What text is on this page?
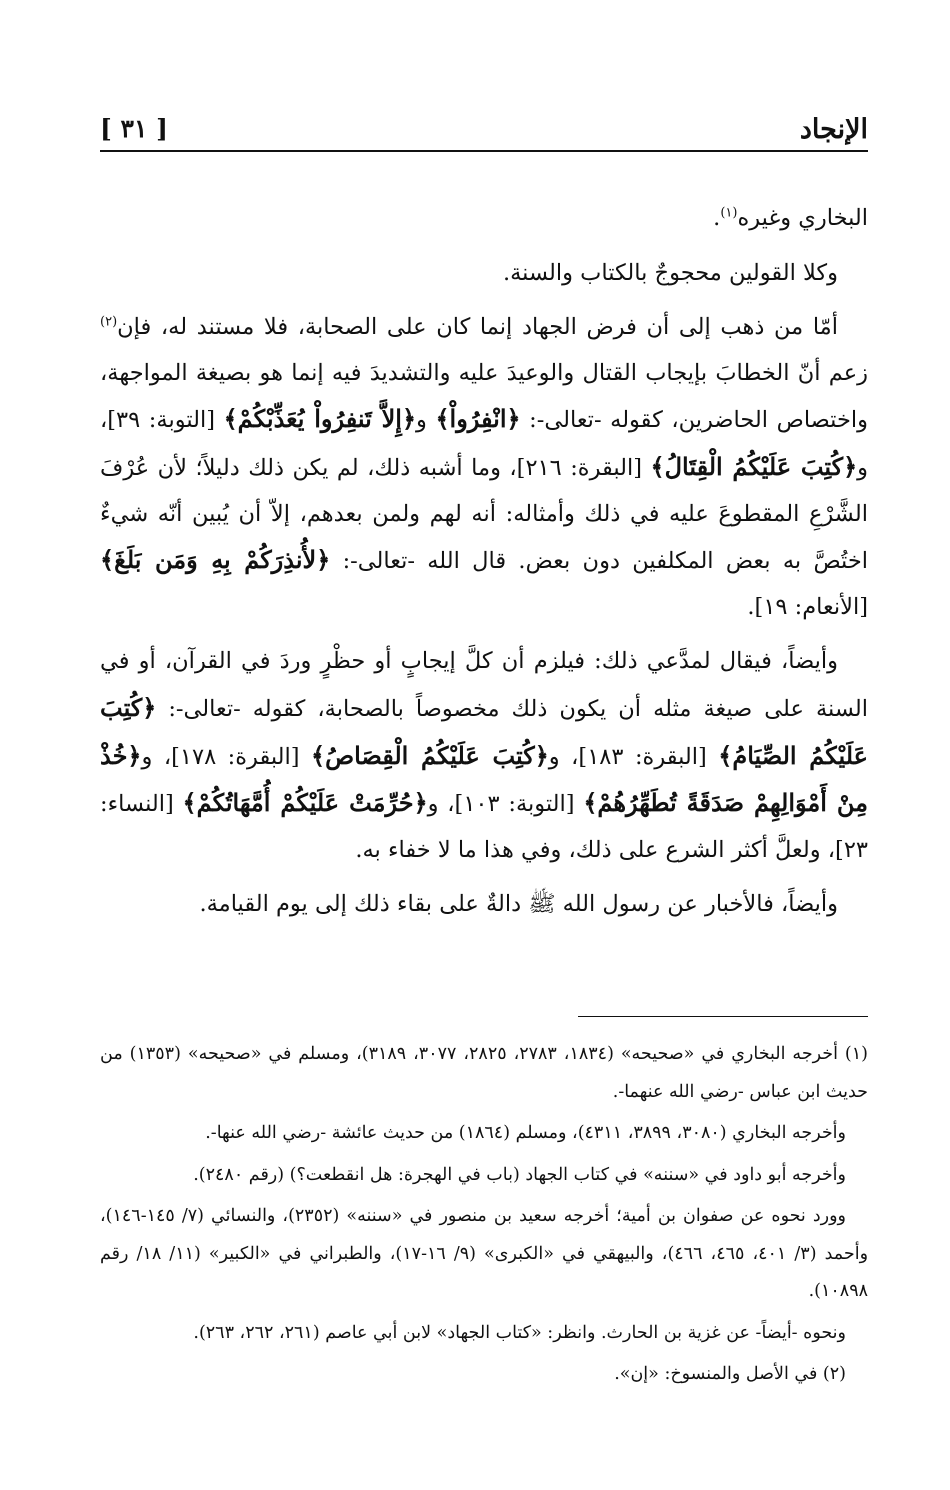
الإنجاد
[ ٣١ ]

البخاري وغيره$^{(١)}$.

وكلا القولين محجوجٌ بالكتاب والسنة.

أمّا من ذهب إلى أن فرض الجهاد إنما كان على الصحابة، فلا مستند له، فإن$^{(٢)}$ زعم أنّ الخطابَ بإيجاب القتال والوعيدَ عليه والتشديدَ فيه إنما هو بصيغة المواجهة، واختصاص الحاضرين، كقوله -تعالى-: ﴿انْفِرُواْ﴾ و﴿إِلاَّ تَنفِرُواْ يُعَذِّبْكُمْ﴾ [التوبة: ٣٩]، و﴿كُتِبَ عَلَيْكُمُ الْقِتَالُ﴾ [البقرة: ٢١٦]، وما أشبه ذلك، لم يكن ذلك دليلاً؛ لأن عُرْفَ الشَّرْعِ المقطوعَ عليه في ذلك وأمثاله: أنه لهم ولمن بعدهم، إلاّ أن يُبين أنّه شيءٌ اختُصَّ به بعض المكلفين دون بعض. قال الله -تعالى-: ﴿لأُنذِرَكُمْ بِهِ وَمَن بَلَغَ﴾ [الأنعام: ١٩].

وأيضاً، فيقال لمدَّعي ذلك: فيلزم أن كلَّ إيجابٍ أو حظْرٍ وردَ في القرآن، أو في السنة على صيغة مثله أن يكون ذلك مخصوصاً بالصحابة، كقوله -تعالى-: ﴿كُتِبَ عَلَيْكُمُ الصِّيَامُ﴾ [البقرة: ١٨٣]، و﴿كُتِبَ عَلَيْكُمُ الْقِصَاصُ﴾ [البقرة: ١٧٨]، و﴿خُذْ مِنْ أَمْوَالِهِمْ صَدَقَةً تُطَهِّرُهُمْ﴾ [التوبة: ١٠٣]، و﴿حُرِّمَتْ عَلَيْكُمْ أُمَّهَاتُكُمْ﴾ [النساء: ٢٣]، ولعلَّ أكثر الشرع على ذلك، وفي هذا ما لا خفاء به.

وأيضاً، فالأخبار عن رسول الله ﷺ دالةٌ على بقاء ذلك إلى يوم القيامة.

(١) أخرجه البخاري في «صحيحه» (١٨٣٤، ٢٧٨٣، ٢٨٢٥، ٣٠٧٧، ٣١٨٩)، ومسلم في «صحيحه» (١٣٥٣) من حديث ابن عباس -رضي الله عنهما-.

وأخرجه البخاري (٣٠٨٠، ٣٨٩٩، ٤٣١١)، ومسلم (١٨٦٤) من حديث عائشة -رضي الله عنها-.

وأخرجه أبو داود في «سننه» في كتاب الجهاد (باب في الهجرة: هل انقطعت؟) (رقم ٢٤٨٠).

وورد نحوه عن صفوان بن أمية؛ أخرجه سعيد بن منصور في «سننه» (٢٣٥٢)، والنسائي (٧/ ١٤٥-١٤٦)، وأحمد (٣/ ٤٠١، ٤٦٥، ٤٦٦)، والبيهقي في «الكبرى» (٩/ ١٦-١٧)، والطبراني في «الكبير» (١١/ ١٨/ رقم ١٠٨٩٨).

ونحوه -أيضاً- عن غزية بن الحارث. وانظر: «كتاب الجهاد» لابن أبي عاصم (٢٦١، ٢٦٢، ٢٦٣).

(٢) في الأصل والمنسوخ: «إن».
